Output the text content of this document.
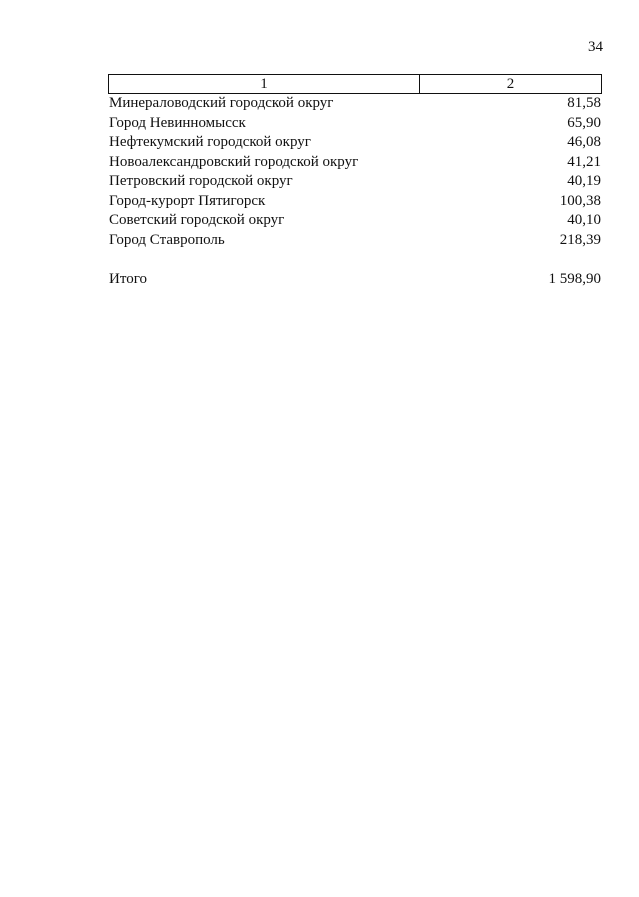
34
1	2
Минераловодский городской округ	81,58
Город Невинномысск	65,90
Нефтекумский городской округ	46,08
Новоалександровский городской округ	41,21
Петровский городской округ	40,19
Город-курорт Пятигорск	100,38
Советский городской округ	40,10
Город Ставрополь	218,39
Итого	1 598,90
